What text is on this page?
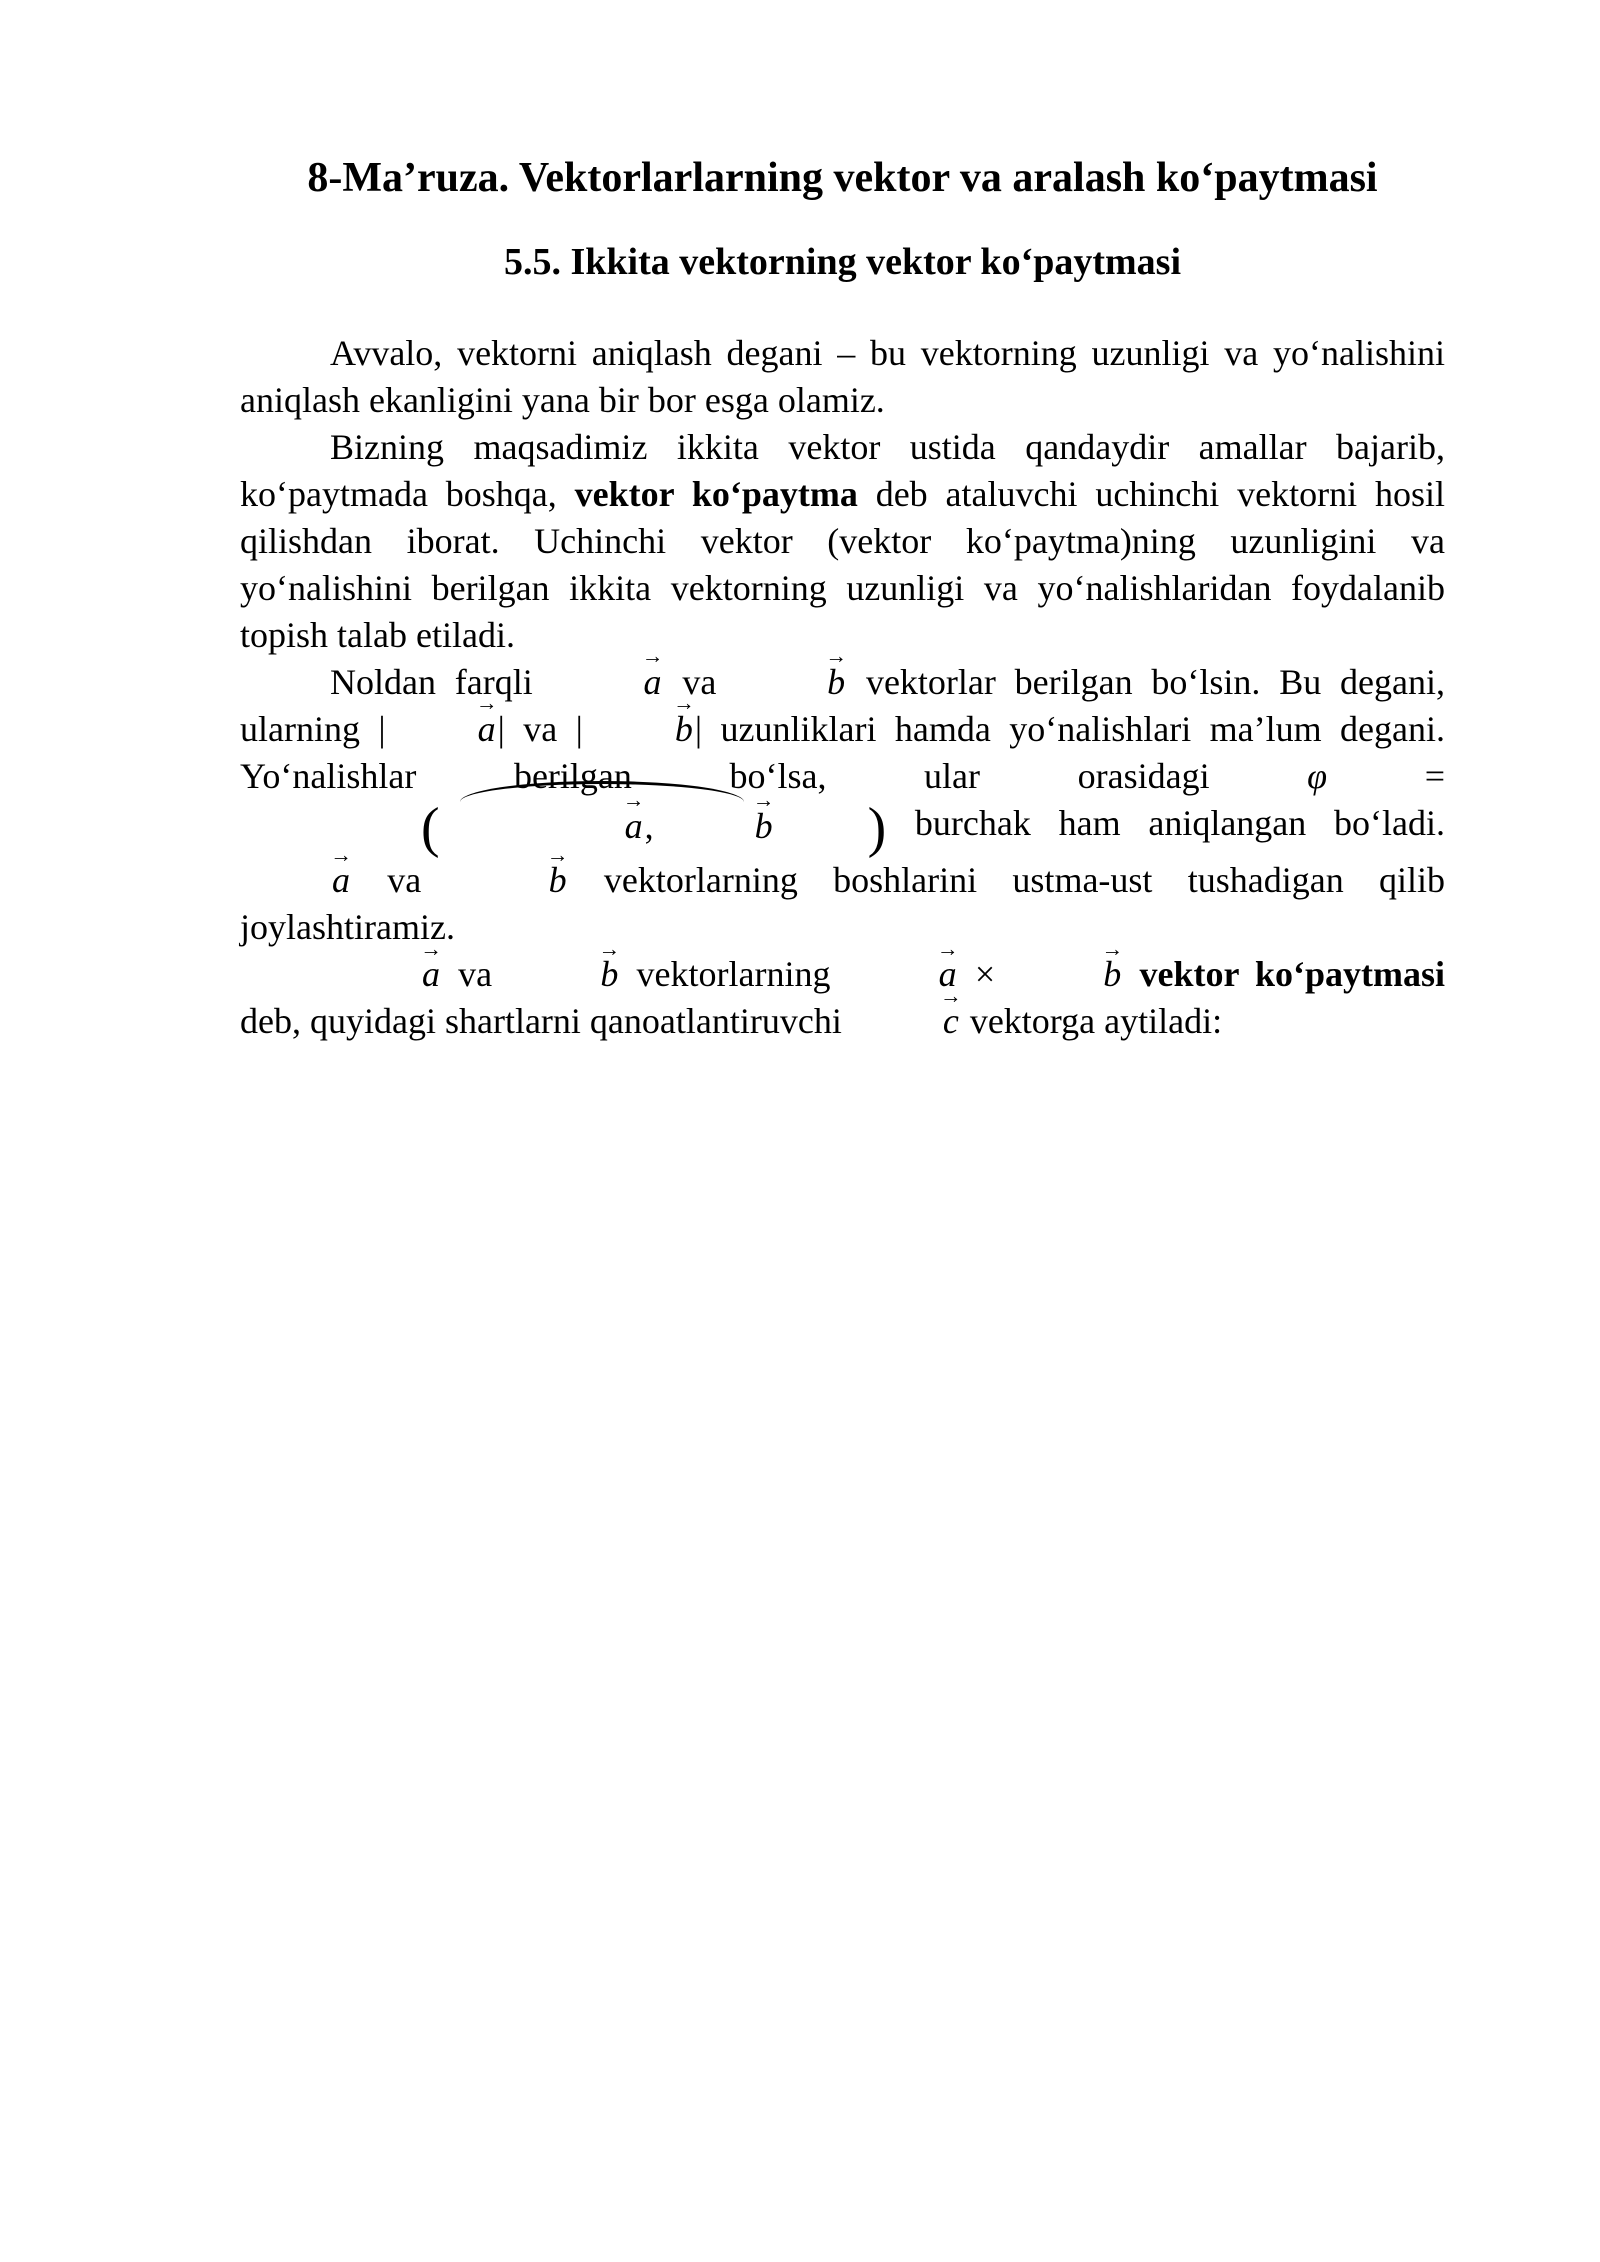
8-Ma’ruza. Vektorlarlarning vektor va aralash ko‘paytmasi
5.5. Ikkita vektorning vektor ko‘paytmasi

Avvalo, vektorni aniqlash degani – bu vektorning uzunligi va yo‘nalishini aniqlash ekanligini yana bir bor esga olamiz.

Bizning maqsadimiz ikkita vektor ustida qandaydir amallar bajarib, ko‘paytmada boshqa, vektor ko‘paytma deb ataluvchi uchinchi vektorni hosil qilishdan iborat. Uchinchi vektor (vektor ko‘paytma)ning uzunligini va yo‘nalishini berilgan ikkita vektorning uzunligi va yo‘nalishlaridan foydalanib topish talab etiladi.

Noldan farqli	→ a va	→ b vektorlar berilgan bo‘lsin. Bu degani, ularning |	→ a| va |	→ b| uzunliklari hamda yo‘nalishlari ma’lum degani. Yo‘nalishlar berilgan bo‘lsa, ular orasidagi φ = (	→ a,	→ b ) burchak ham aniqlangan bo‘ladi. → a va	→ b vektorlarning boshlarini ustma-ust tushadigan qilib joylashtiramiz.

→ a va	→ b vektorlarning	→ a ×	→ b vektor ko‘paytmasi deb, quyidagi shartlarni qanoatlantiruvchi	→ c vektorga aytiladi:
